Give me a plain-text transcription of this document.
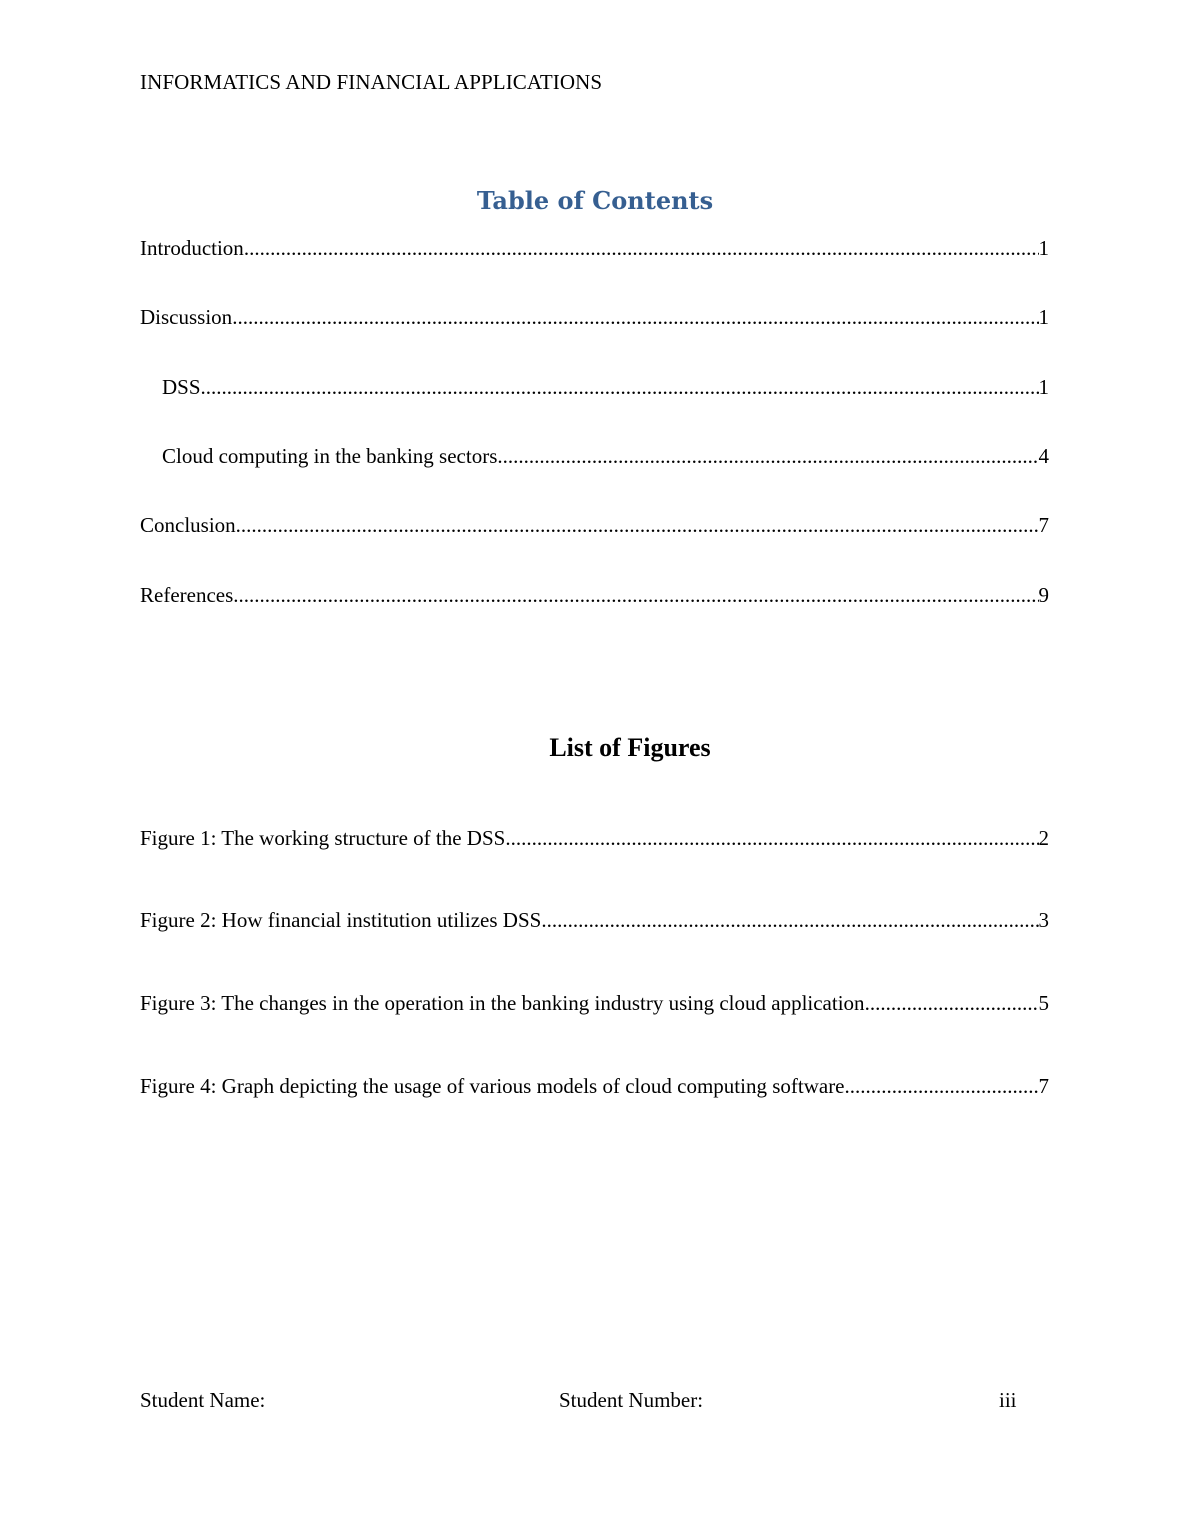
INFORMATICS AND FINANCIAL APPLICATIONS
Table of Contents
Introduction .....	1
Discussion .....	1
DSS .....	1
Cloud computing in the banking sectors .....	4
Conclusion .....	7
References .....	9
List of Figures
Figure 1: The working structure of the DSS .....	2
Figure 2: How financial institution utilizes DSS .....	3
Figure 3: The changes in the operation in the banking industry using cloud application .....	5
Figure 4: Graph depicting the usage of various models of cloud computing software .....	7
Student Name:	Student Number:	iii
